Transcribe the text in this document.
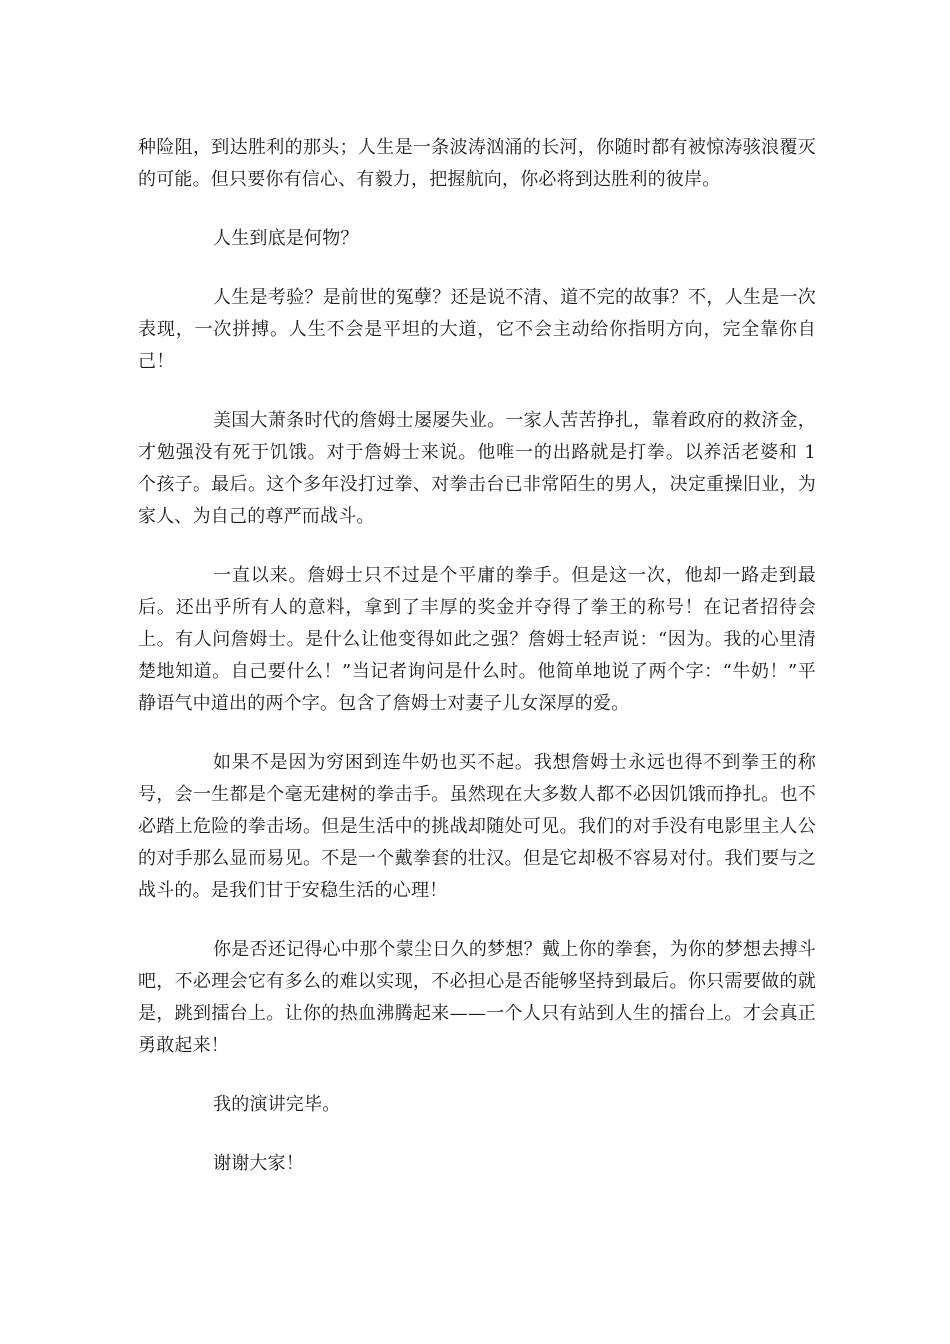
种险阻，到达胜利的那头；人生是一条波涛汹涌的长河，你随时都有被惊涛骇浪覆灭的可能。但只要你有信心、有毅力，把握航向，你必将到达胜利的彼岸。

人生到底是何物？

人生是考验？是前世的冤孽？还是说不清、道不完的故事？不，人生是一次表现，一次拼搏。人生不会是平坦的大道，它不会主动给你指明方向，完全靠你自己！

美国大萧条时代的詹姆士屡屡失业。一家人苦苦挣扎，靠着政府的救济金，才勉强没有死于饥饿。对于詹姆士来说。他唯一的出路就是打拳。以养活老婆和 1 个孩子。最后。这个多年没打过拳、对拳击台已非常陌生的男人，决定重操旧业，为家人、为自己的尊严而战斗。

一直以来。詹姆士只不过是个平庸的拳手。但是这一次，他却一路走到最后。还出乎所有人的意料，拿到了丰厚的奖金并夺得了拳王的称号！在记者招待会上。有人问詹姆士。是什么让他变得如此之强？詹姆士轻声说：“因为。我的心里清楚地知道。自己要什么！”当记者询问是什么时。他简单地说了两个字：“牛奶！”平静语气中道出的两个字。包含了詹姆士对妻子儿女深厚的爱。

如果不是因为穷困到连牛奶也买不起。我想詹姆士永远也得不到拳王的称号，会一生都是个毫无建树的拳击手。虽然现在大多数人都不必因饥饿而挣扎。也不必踏上危险的拳击场。但是生活中的挑战却随处可见。我们的对手没有电影里主人公的对手那么显而易见。不是一个戴拳套的壮汉。但是它却极不容易对付。我们要与之战斗的。是我们甘于安稳生活的心理！

你是否还记得心中那个蒙尘日久的梦想？戴上你的拳套，为你的梦想去搏斗吧，不必理会它有多么的难以实现，不必担心是否能够坚持到最后。你只需要做的就是，跳到擂台上。让你的热血沸腾起来——一个人只有站到人生的擂台上。才会真正勇敢起来！

我的演讲完毕。

谢谢大家！
